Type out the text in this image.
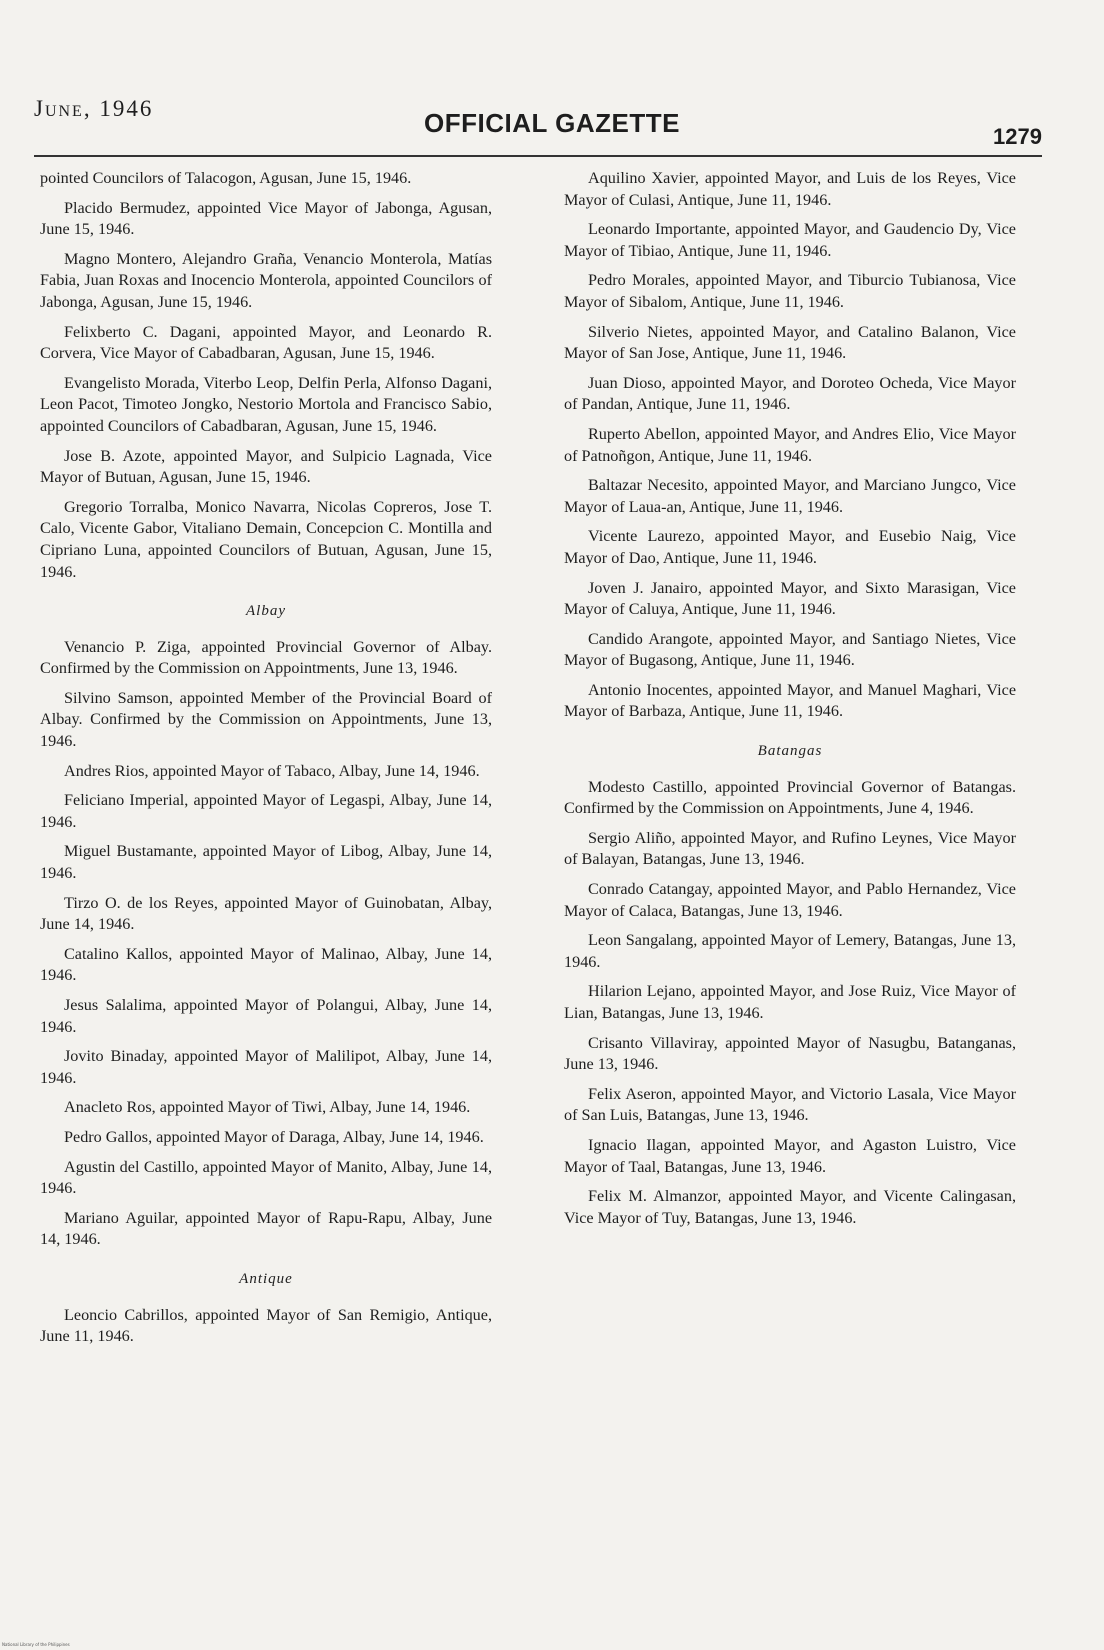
June, 1946	OFFICIAL GAZETTE	1279

pointed Councilors of Talacogon, Agusan, June 15, 1946.

Placido Bermudez, appointed Vice Mayor of Jabonga, Agusan, June 15, 1946.

Magno Montero, Alejandro Graña, Venancio Monterola, Matías Fabia, Juan Roxas and Inocencio Monterola, appointed Councilors of Jabonga, Agusan, June 15, 1946.

Felixberto C. Dagani, appointed Mayor, and Leonardo R. Corvera, Vice Mayor of Cabadbaran, Agusan, June 15, 1946.

Evangelisto Morada, Viterbo Leop, Delfin Perla, Alfonso Dagani, Leon Pacot, Timoteo Jongko, Nestorio Mortola and Francisco Sabio, appointed Councilors of Cabadbaran, Agusan, June 15, 1946.

Jose B. Azote, appointed Mayor, and Sulpicio Lagnada, Vice Mayor of Butuan, Agusan, June 15, 1946.

Gregorio Torralba, Monico Navarra, Nicolas Copreros, Jose T. Calo, Vicente Gabor, Vitaliano Demain, Concepcion C. Montilla and Cipriano Luna, appointed Councilors of Butuan, Agusan, June 15, 1946.

Albay

Venancio P. Ziga, appointed Provincial Governor of Albay. Confirmed by the Commission on Appointments, June 13, 1946.

Silvino Samson, appointed Member of the Provincial Board of Albay. Confirmed by the Commission on Appointments, June 13, 1946.

Andres Rios, appointed Mayor of Tabaco, Albay, June 14, 1946.

Feliciano Imperial, appointed Mayor of Legaspi, Albay, June 14, 1946.

Miguel Bustamante, appointed Mayor of Libog, Albay, June 14, 1946.

Tirzo O. de los Reyes, appointed Mayor of Guinobatan, Albay, June 14, 1946.

Catalino Kallos, appointed Mayor of Malinao, Albay, June 14, 1946.

Jesus Salalima, appointed Mayor of Polangui, Albay, June 14, 1946.

Jovito Binaday, appointed Mayor of Malilipot, Albay, June 14, 1946.

Anacleto Ros, appointed Mayor of Tiwi, Albay, June 14, 1946.

Pedro Gallos, appointed Mayor of Daraga, Albay, June 14, 1946.

Agustin del Castillo, appointed Mayor of Manito, Albay, June 14, 1946.

Mariano Aguilar, appointed Mayor of Rapu-Rapu, Albay, June 14, 1946.

Antique

Leoncio Cabrillos, appointed Mayor of San Remigio, Antique, June 11, 1946.

Aquilino Xavier, appointed Mayor, and Luis de los Reyes, Vice Mayor of Culasi, Antique, June 11, 1946.

Leonardo Importante, appointed Mayor, and Gaudencio Dy, Vice Mayor of Tibiao, Antique, June 11, 1946.

Pedro Morales, appointed Mayor, and Tiburcio Tubianosa, Vice Mayor of Sibalom, Antique, June 11, 1946.

Silverio Nietes, appointed Mayor, and Catalino Balanon, Vice Mayor of San Jose, Antique, June 11, 1946.

Juan Dioso, appointed Mayor, and Doroteo Ocheda, Vice Mayor of Pandan, Antique, June 11, 1946.

Ruperto Abellon, appointed Mayor, and Andres Elio, Vice Mayor of Patnoñgon, Antique, June 11, 1946.

Baltazar Necesito, appointed Mayor, and Marciano Jungco, Vice Mayor of Laua-an, Antique, June 11, 1946.

Vicente Laurezo, appointed Mayor, and Eusebio Naig, Vice Mayor of Dao, Antique, June 11, 1946.

Joven J. Janairo, appointed Mayor, and Sixto Marasigan, Vice Mayor of Caluya, Antique, June 11, 1946.

Candido Arangote, appointed Mayor, and Santiago Nietes, Vice Mayor of Bugasong, Antique, June 11, 1946.

Antonio Inocentes, appointed Mayor, and Manuel Maghari, Vice Mayor of Barbaza, Antique, June 11, 1946.

Batangas

Modesto Castillo, appointed Provincial Governor of Batangas. Confirmed by the Commission on Appointments, June 4, 1946.

Sergio Aliño, appointed Mayor, and Rufino Leynes, Vice Mayor of Balayan, Batangas, June 13, 1946.

Conrado Catangay, appointed Mayor, and Pablo Hernandez, Vice Mayor of Calaca, Batangas, June 13, 1946.

Leon Sangalang, appointed Mayor of Lemery, Batangas, June 13, 1946.

Hilarion Lejano, appointed Mayor, and Jose Ruiz, Vice Mayor of Lian, Batangas, June 13, 1946.

Crisanto Villaviray, appointed Mayor of Nasugbu, Batanganas, June 13, 1946.

Felix Aseron, appointed Mayor, and Victorio Lasala, Vice Mayor of San Luis, Batangas, June 13, 1946.

Ignacio Ilagan, appointed Mayor, and Agaston Luistro, Vice Mayor of Taal, Batangas, June 13, 1946.

Felix M. Almanzor, appointed Mayor, and Vicente Calingasan, Vice Mayor of Tuy, Batangas, June 13, 1946.

National Library of the Philippines
